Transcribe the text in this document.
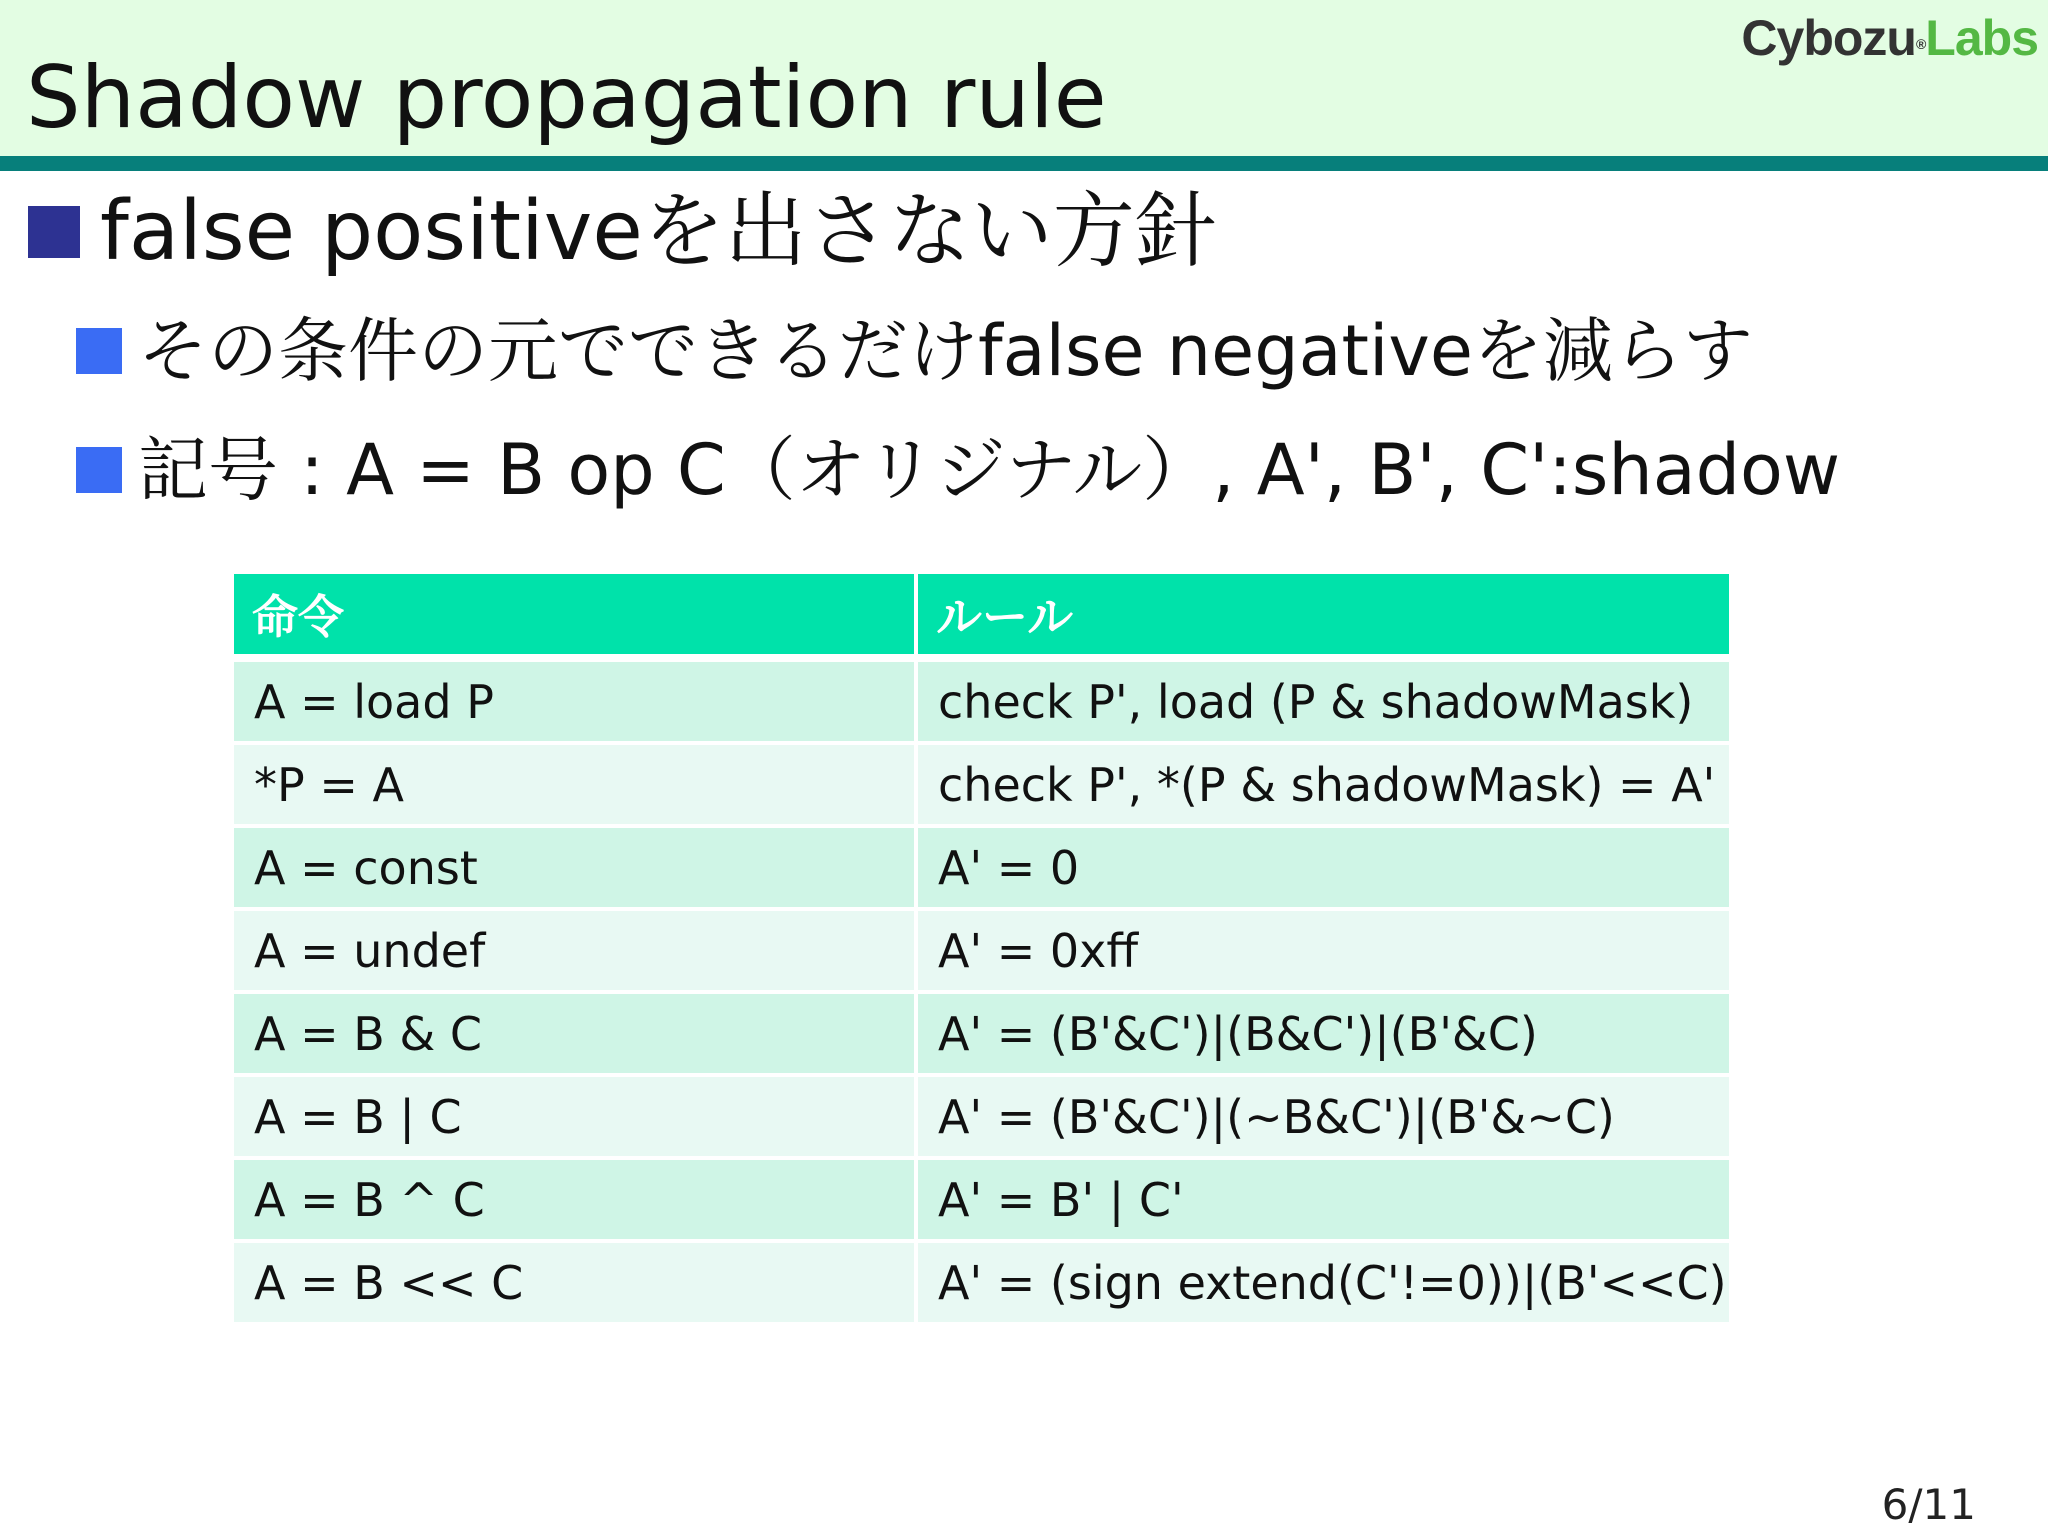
Shadow propagation rule
Cybozu®Labs
false positiveを出さない方針
その条件の元でできるだけfalse negativeを減らす
記号 : A = B op C（オリジナル）, A', B', C':shadow
命令	ルール
A = load P	check P', load (P & shadowMask)
*P = A	check P', *(P & shadowMask) = A'
A = const	A' = 0
A = undef	A' = 0xff
A = B & C	A' = (B'&C')|(B&C')|(B'&C)
A = B | C	A' = (B'&C')|(~B&C')|(B'&~C)
A = B ^ C	A' = B' | C'
A = B << C	A' = (sign extend(C'!=0))|(B'<<C)
6/11
